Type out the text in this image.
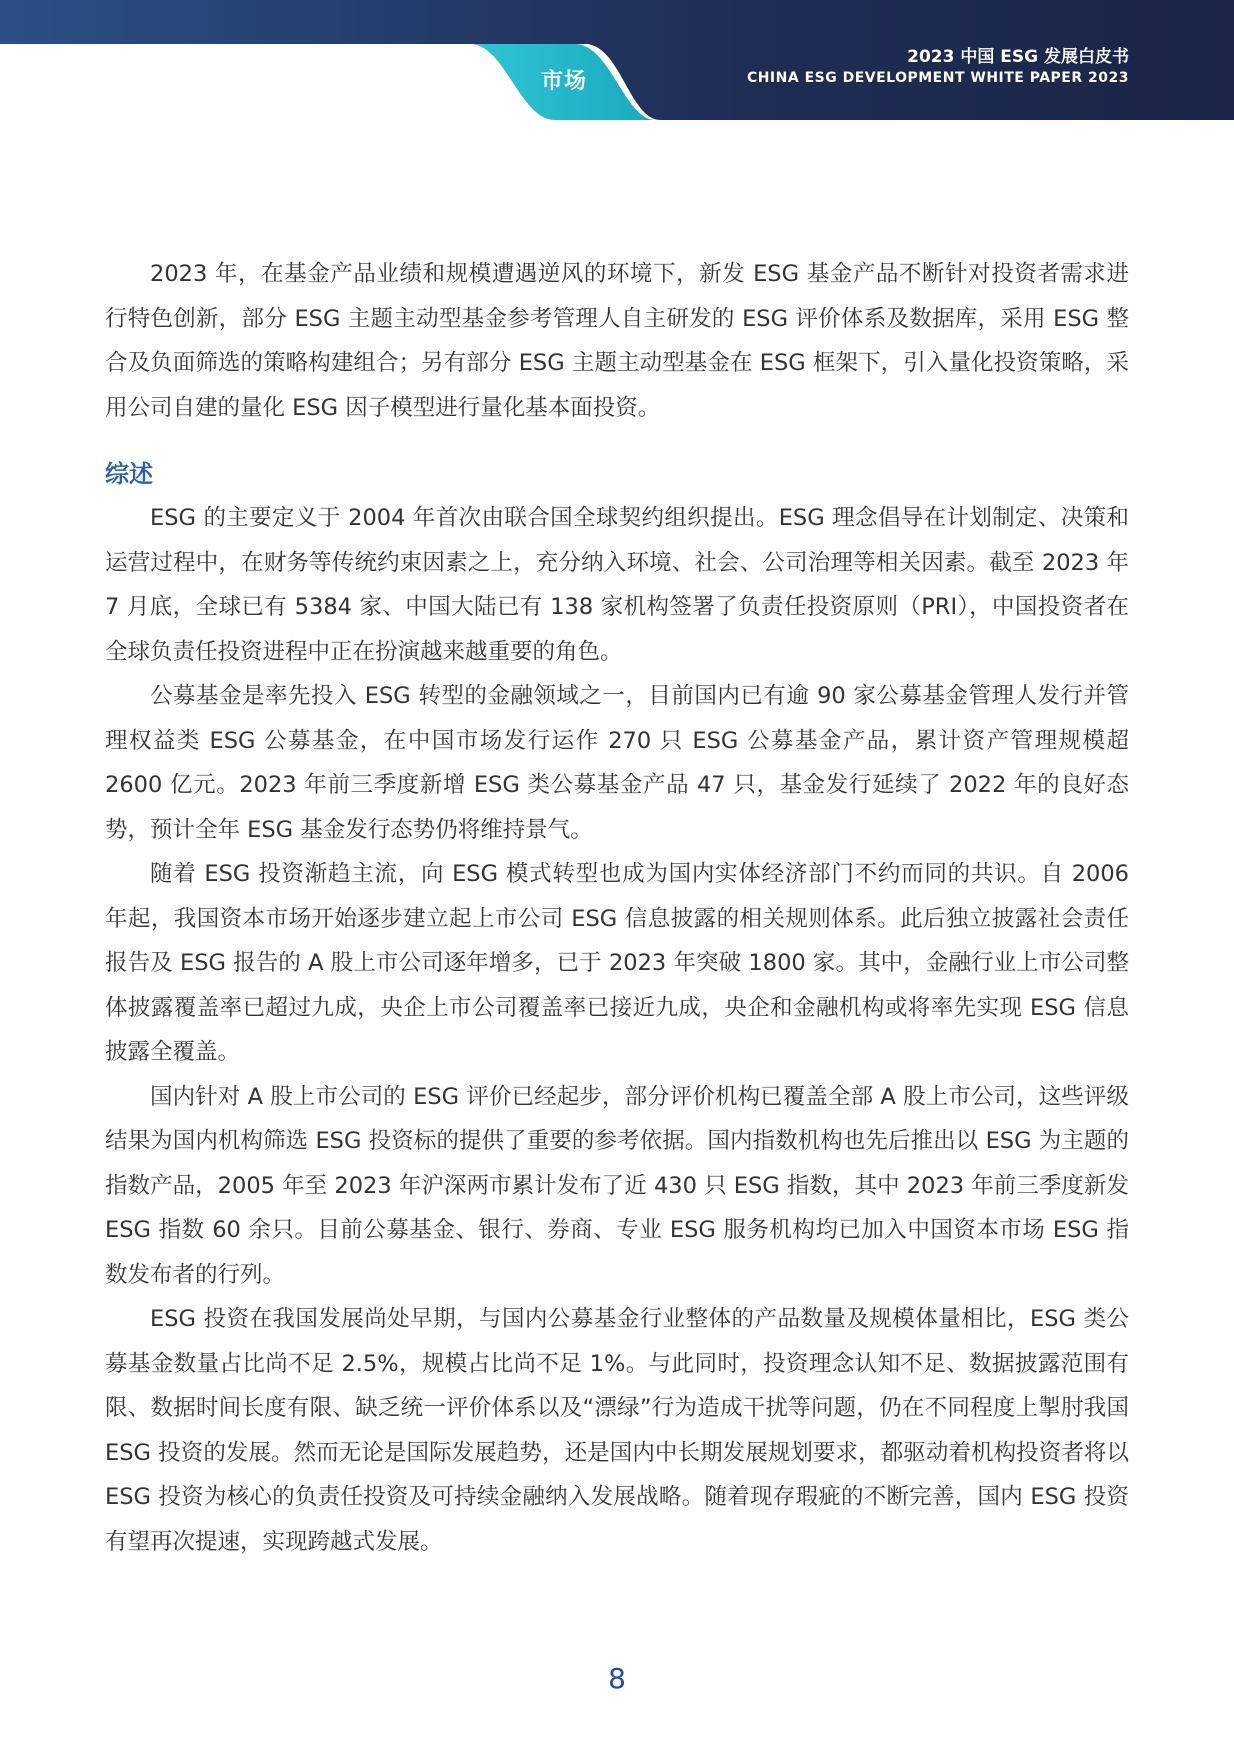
市场
2023 中国 ESG 发展白皮书
CHINA ESG DEVELOPMENT WHITE PAPER 2023

2023 年，在基金产品业绩和规模遭遇逆风的环境下，新发 ESG 基金产品不断针对投资者需求进行特色创新，部分 ESG 主题主动型基金参考管理人自主研发的 ESG 评价体系及数据库，采用 ESG 整合及负面筛选的策略构建组合；另有部分 ESG 主题主动型基金在 ESG 框架下，引入量化投资策略，采用公司自建的量化 ESG 因子模型进行量化基本面投资。

综述

ESG 的主要定义于 2004 年首次由联合国全球契约组织提出。ESG 理念倡导在计划制定、决策和运营过程中，在财务等传统约束因素之上，充分纳入环境、社会、公司治理等相关因素。截至 2023 年 7 月底，全球已有 5384 家、中国大陆已有 138 家机构签署了负责任投资原则（PRI），中国投资者在全球负责任投资进程中正在扮演越来越重要的角色。

公募基金是率先投入 ESG 转型的金融领域之一，目前国内已有逾 90 家公募基金管理人发行并管理权益类 ESG 公募基金，在中国市场发行运作 270 只 ESG 公募基金产品，累计资产管理规模超 2600 亿元。2023 年前三季度新增 ESG 类公募基金产品 47 只，基金发行延续了 2022 年的良好态势，预计全年 ESG 基金发行态势仍将维持景气。

随着 ESG 投资渐趋主流，向 ESG 模式转型也成为国内实体经济部门不约而同的共识。自 2006 年起，我国资本市场开始逐步建立起上市公司 ESG 信息披露的相关规则体系。此后独立披露社会责任报告及 ESG 报告的 A 股上市公司逐年增多，已于 2023 年突破 1800 家。其中，金融行业上市公司整体披露覆盖率已超过九成，央企上市公司覆盖率已接近九成，央企和金融机构或将率先实现 ESG 信息披露全覆盖。

国内针对 A 股上市公司的 ESG 评价已经起步，部分评价机构已覆盖全部 A 股上市公司，这些评级结果为国内机构筛选 ESG 投资标的提供了重要的参考依据。国内指数机构也先后推出以 ESG 为主题的指数产品，2005 年至 2023 年沪深两市累计发布了近 430 只 ESG 指数，其中 2023 年前三季度新发 ESG 指数 60 余只。目前公募基金、银行、券商、专业 ESG 服务机构均已加入中国资本市场 ESG 指数发布者的行列。

ESG 投资在我国发展尚处早期，与国内公募基金行业整体的产品数量及规模体量相比，ESG 类公募基金数量占比尚不足 2.5%，规模占比尚不足 1%。与此同时，投资理念认知不足、数据披露范围有限、数据时间长度有限、缺乏统一评价体系以及“漂绿”行为造成干扰等问题，仍在不同程度上掣肘我国 ESG 投资的发展。然而无论是国际发展趋势，还是国内中长期发展规划要求，都驱动着机构投资者将以 ESG 投资为核心的负责任投资及可持续金融纳入发展战略。随着现存瑕疵的不断完善，国内 ESG 投资有望再次提速，实现跨越式发展。

8
